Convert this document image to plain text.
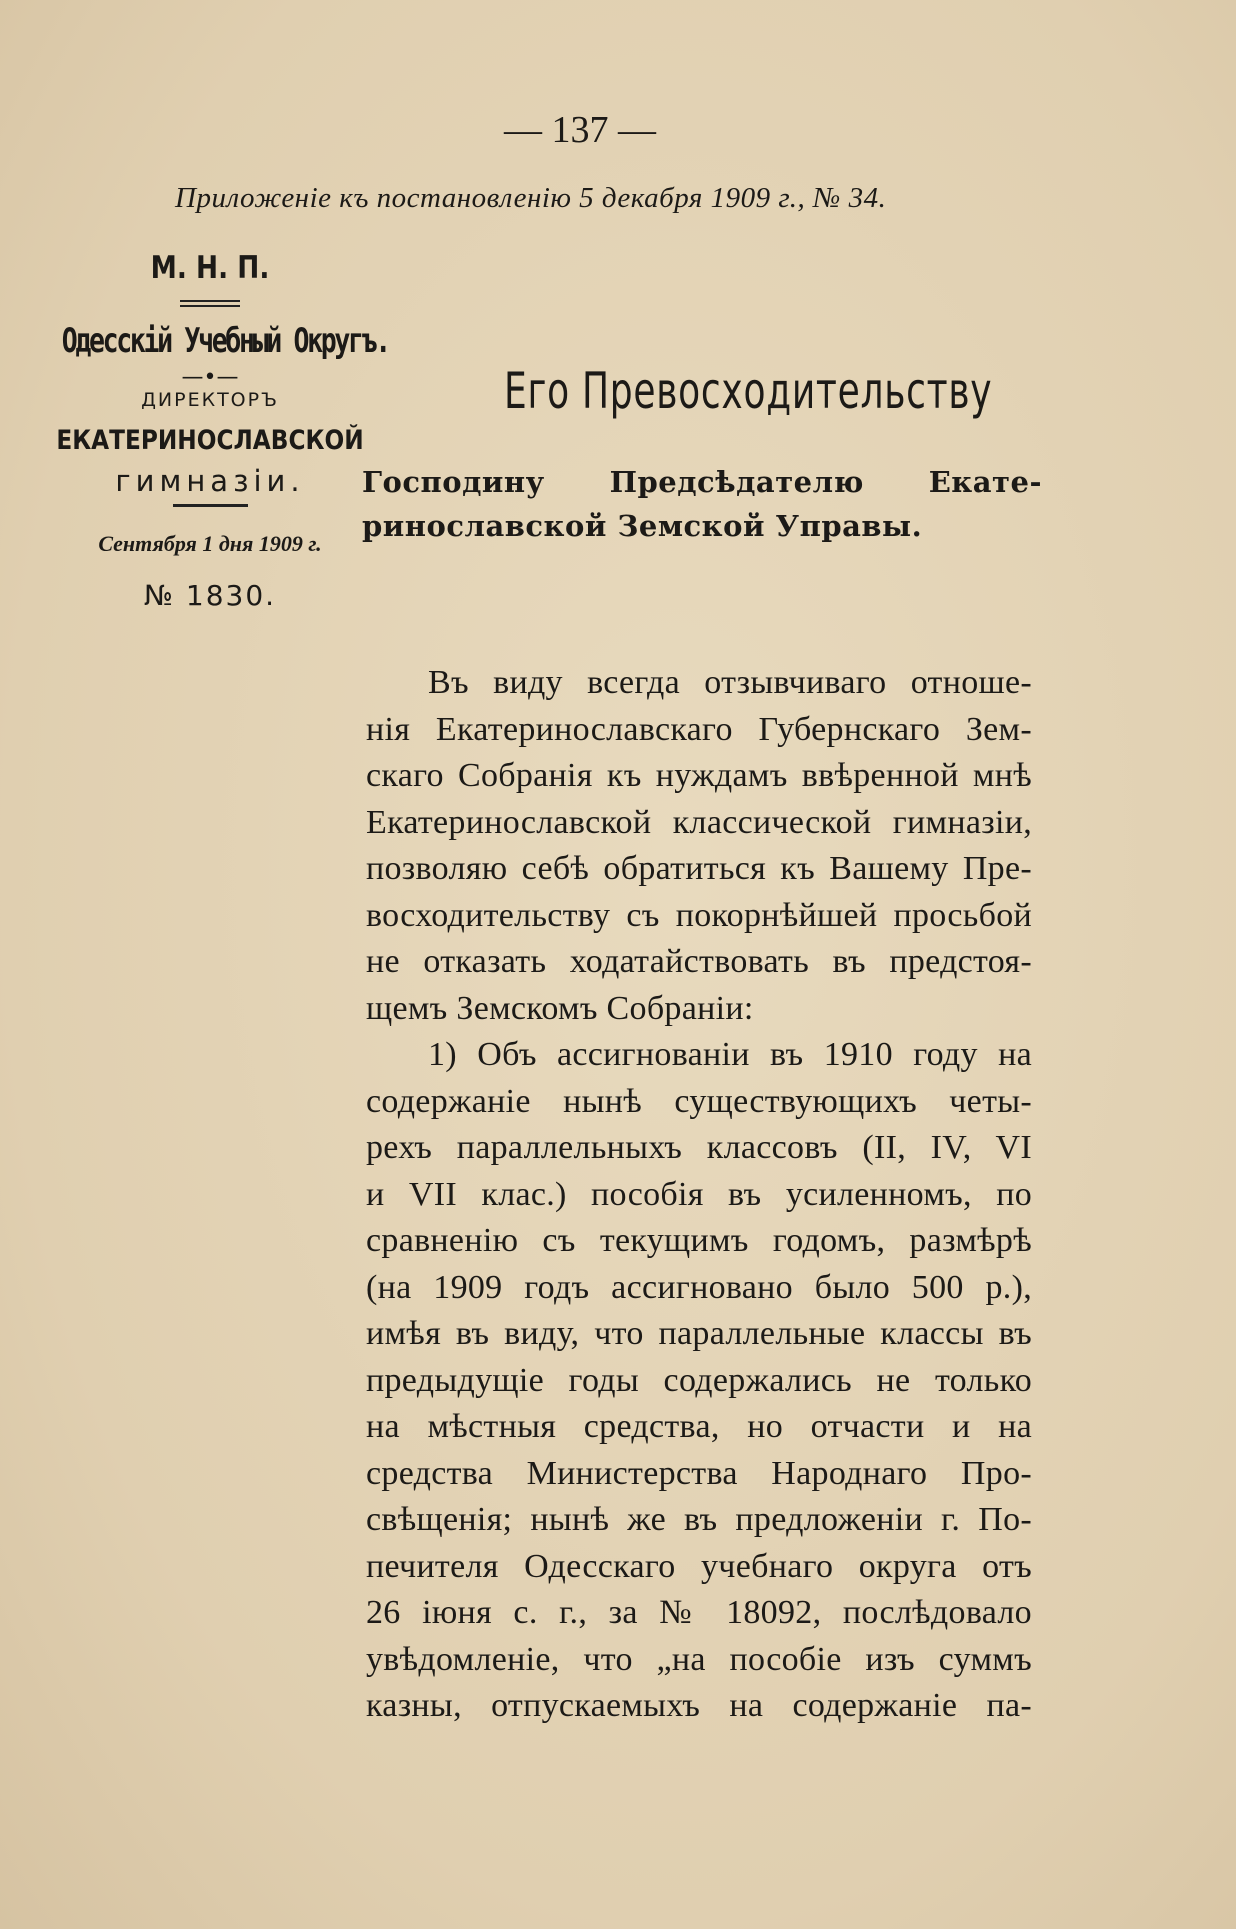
— 137 —
Приложеніе къ постановленію 5 декабря 1909 г., № 34.
М. Н. П.
Одесскій Учебный Округъ.
—•—
ДИРЕКТОРЪ
ЕКАТЕРИНОСЛАВСКОЙ
гимназіи.
Сентября 1 дня 1909 г.
№ 1830.
Его Превосходительству
Господину Предсѣдателю Екате-
ринославской Земской Управы.
Въ виду всегда отзывчиваго отноше-
нія Екатеринославскаго Губернскаго Зем-
скаго Собранія къ нуждамъ ввѣренной мнѣ
Екатеринославской классической гимназіи,
позволяю себѣ обратиться къ Вашему Пре-
восходительству съ покорнѣйшей просьбой
не отказать ходатайствовать въ предстоя-
щемъ Земскомъ Собраніи:
1) Объ ассигнованіи въ 1910 году на
содержаніе нынѣ существующихъ четы-
рехъ параллельныхъ классовъ (II, IV, VI
и VII клас.) пособія въ усиленномъ, по
сравненію съ текущимъ годомъ, размѣрѣ
(на 1909 годъ ассигновано было 500 р.),
имѣя въ виду, что параллельные классы въ
предыдущіе годы содержались не только
на мѣстныя средства, но отчасти и на
средства Министерства Народнаго Про-
свѣщенія; нынѣ же въ предложеніи г. По-
печителя Одесскаго учебнаго округа отъ
26 іюня с. г., за № 18092, послѣдовало
увѣдомленіе, что „на пособіе изъ суммъ
казны, отпускаемыхъ на содержаніе па-
